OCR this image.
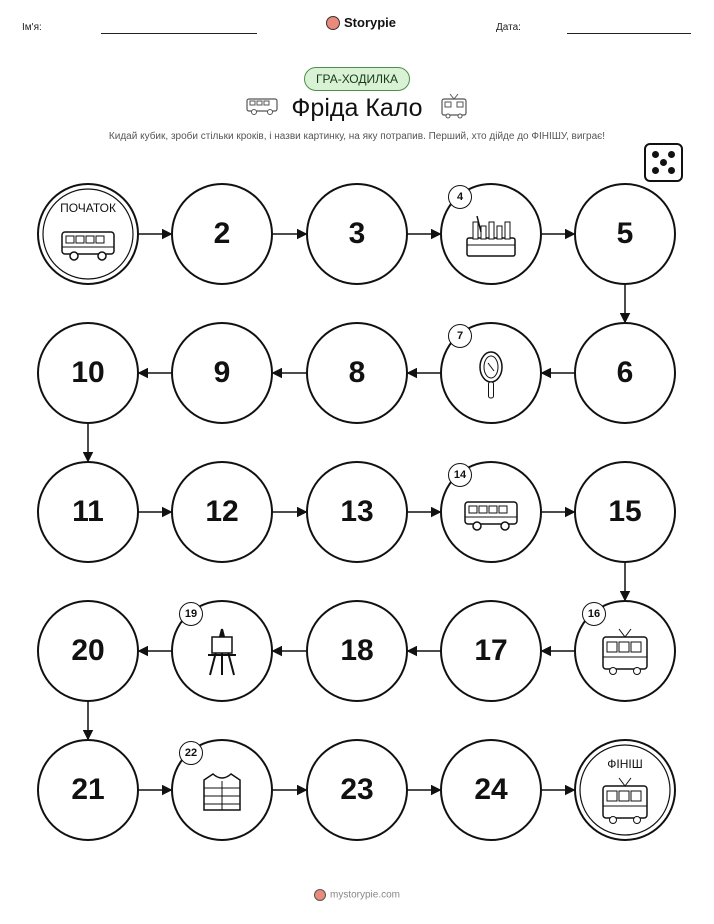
Ім'я:	Storypie	Дата:
ГРА-ХОДИЛКА
Фріда Кало
Кидай кубик, зроби стільки кроків, і назви картинку, на яку потрапив. Перший, хто дійде до ФІНІШУ, виграє!
ПОЧАТОК
2	3
4
5
6
7
8
9
10
11	12	13
14
15
16
17
18
19
20
21
22
23	24
ФІНІШ
mystorypie.com
